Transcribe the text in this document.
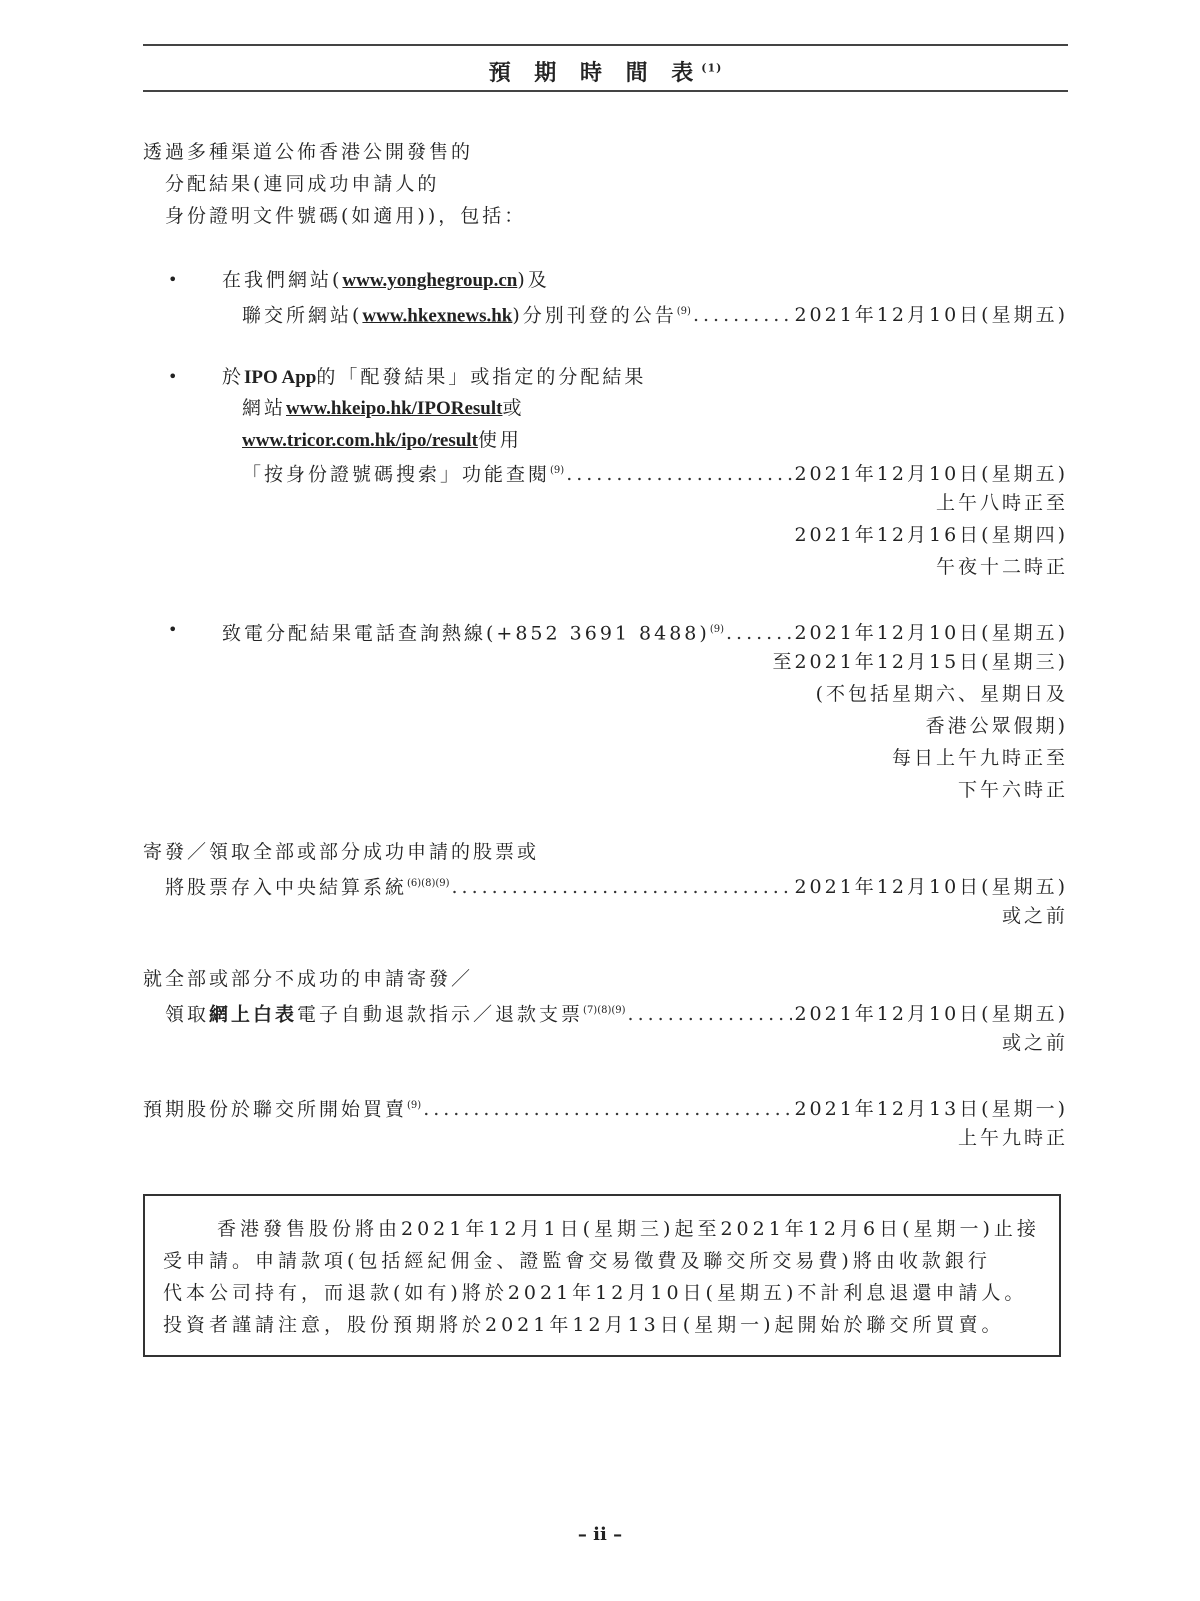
預 期 時 間 表$^{(1)}$
透過多種渠道公佈香港公開發售的
分配結果(連同成功申請人的
身份證明文件號碼(如適用))，包括：
• 在我們網站(www.yonghegroup.cn)及
聯交所網站(www.hkexnews.hk)分別刊登的公告$^{(9)}$ .....	2021年12月10日(星期五)
• 於IPO App的「配發結果」或指定的分配結果
網站www.hkeipo.hk/IPOResult或
www.tricor.com.hk/ipo/result使用
「按身份證號碼搜索」功能查閱$^{(9)}$ .....	2021年12月10日(星期五)
上午八時正至
2021年12月16日(星期四)
午夜十二時正
• 致電分配結果電話查詢熱線(+852 3691 8488)$^{(9)}$ .....	2021年12月10日(星期五)
至2021年12月15日(星期三)
(不包括星期六、星期日及
香港公眾假期)
每日上午九時正至
下午六時正
寄發／領取全部或部分成功申請的股票或
將股票存入中央結算系統$^{(6)(8)(9)}$ .....	2021年12月10日(星期五)
或之前
就全部或部分不成功的申請寄發／
領取網上白表電子自動退款指示／退款支票$^{(7)(8)(9)}$ .....	2021年12月10日(星期五)
或之前
預期股份於聯交所開始買賣$^{(9)}$ .....	2021年12月13日(星期一)
上午九時正
香港發售股份將由2021年12月1日(星期三)起至2021年12月6日(星期一)止接
受申請。申請款項(包括經紀佣金、證監會交易徵費及聯交所交易費)將由收款銀行
代本公司持有，而退款(如有)將於2021年12月10日(星期五)不計利息退還申請人。
投資者謹請注意，股份預期將於2021年12月13日(星期一)起開始於聯交所買賣。
– ii –
